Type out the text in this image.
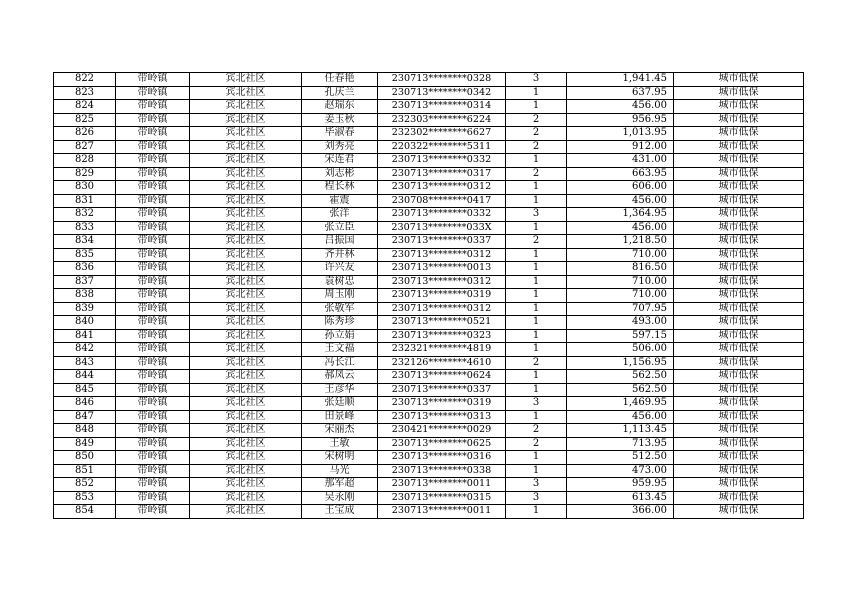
822	带岭镇	宾北社区	任春艳	230713********0328	3	1,941.45	城市低保
823	带岭镇	宾北社区	孔庆兰	230713********0342	1	637.95	城市低保
824	带岭镇	宾北社区	赵瑞东	230713********0314	1	456.00	城市低保
825	带岭镇	宾北社区	姜玉秋	232303********6224	2	956.95	城市低保
826	带岭镇	宾北社区	毕淑春	232302********6627	2	1,013.95	城市低保
827	带岭镇	宾北社区	刘秀亮	220322********5311	2	912.00	城市低保
828	带岭镇	宾北社区	宋连君	230713********0332	1	431.00	城市低保
829	带岭镇	宾北社区	刘志彬	230713********0317	2	663.95	城市低保
830	带岭镇	宾北社区	程长林	230713********0312	1	606.00	城市低保
831	带岭镇	宾北社区	霍震	230708********0417	1	456.00	城市低保
832	带岭镇	宾北社区	张洋	230713********0332	3	1,364.95	城市低保
833	带岭镇	宾北社区	张立臣	230713********033X	1	456.00	城市低保
834	带岭镇	宾北社区	吕振国	230713********0337	2	1,218.50	城市低保
835	带岭镇	宾北社区	齐井林	230713********0312	1	710.00	城市低保
836	带岭镇	宾北社区	许兴友	230713********0013	1	816.50	城市低保
837	带岭镇	宾北社区	袁树忠	230713********0312	1	710.00	城市低保
838	带岭镇	宾北社区	周玉刚	230713********0319	1	710.00	城市低保
839	带岭镇	宾北社区	张敬军	230713********0312	1	707.95	城市低保
840	带岭镇	宾北社区	陈秀珍	230713********0521	1	493.00	城市低保
841	带岭镇	宾北社区	孙立娟	230713********0323	1	597.15	城市低保
842	带岭镇	宾北社区	王文福	232321********4819	1	506.00	城市低保
843	带岭镇	宾北社区	冯长江	232126********4610	2	1,156.95	城市低保
844	带岭镇	宾北社区	郝凤云	230713********0624	1	562.50	城市低保
845	带岭镇	宾北社区	王彦华	230713********0337	1	562.50	城市低保
846	带岭镇	宾北社区	张廷顺	230713********0319	3	1,469.95	城市低保
847	带岭镇	宾北社区	田景峰	230713********0313	1	456.00	城市低保
848	带岭镇	宾北社区	宋丽杰	230421********0029	2	1,113.45	城市低保
849	带岭镇	宾北社区	王敏	230713********0625	2	713.95	城市低保
850	带岭镇	宾北社区	宋树明	230713********0316	1	512.50	城市低保
851	带岭镇	宾北社区	马光	230713********0338	1	473.00	城市低保
852	带岭镇	宾北社区	那军超	230713********0011	3	959.95	城市低保
853	带岭镇	宾北社区	吴永刚	230713********0315	3	613.45	城市低保
854	带岭镇	宾北社区	王宝成	230713********0011	1	366.00	城市低保
